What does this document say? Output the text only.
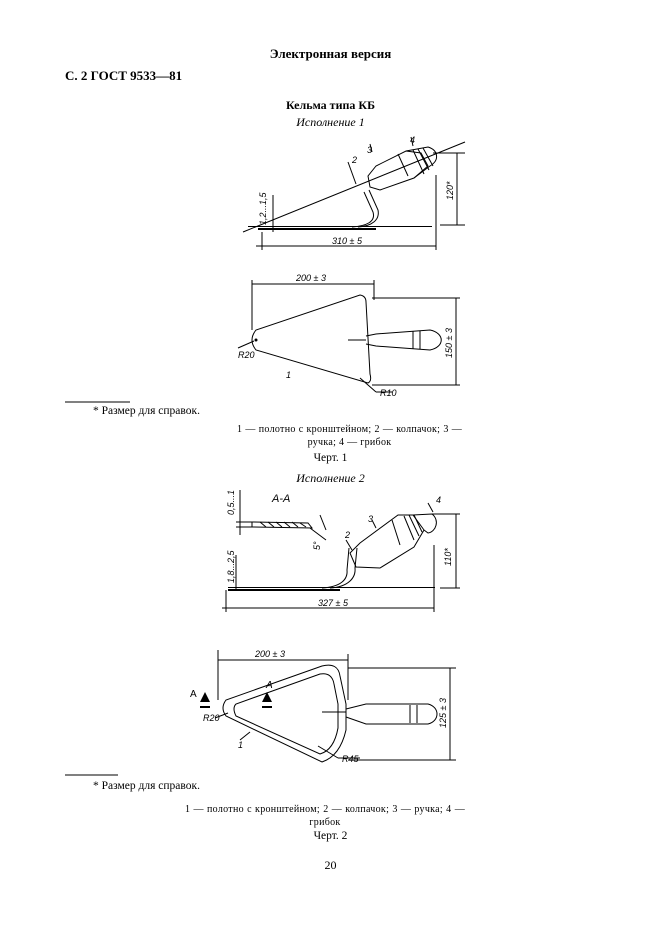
Электронная версия
С. 2 ГОСТ 9533—81
Кельма типа КБ
Исполнение 1
2
3
4
1,2...1,5
120*
310 ± 5
200 ± 3
150 ± 3
R20
R10
1
А-А
0,5...1
5°
2
3
4
1,8...2,5	110*
327 ± 5
200 ± 3
125 ± 3
А
А
R20
R45
1
* Размер для справок.
1 — полотно с кронштейном; 2 — колпачок; 3 — ручка; 4 — грибок
Черт. 1
Исполнение 2
* Размер для справок.
1 — полотно с кронштейном; 2 — колпачок; 3 — ручка; 4 — грибок
Черт. 2
20
